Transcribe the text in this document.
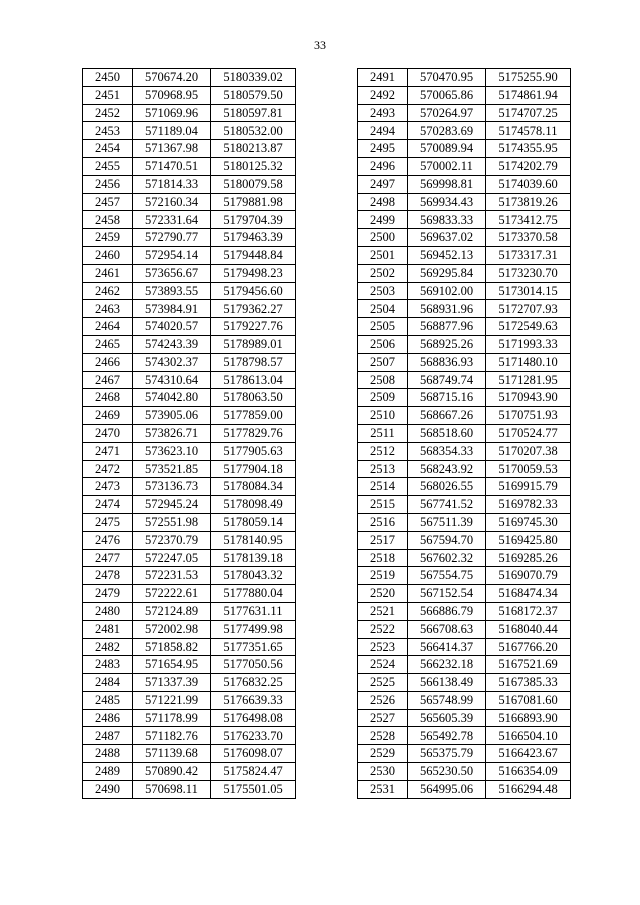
33
2450	570674.20	5180339.02
2451	570968.95	5180579.50
2452	571069.96	5180597.81
2453	571189.04	5180532.00
2454	571367.98	5180213.87
2455	571470.51	5180125.32
2456	571814.33	5180079.58
2457	572160.34	5179881.98
2458	572331.64	5179704.39
2459	572790.77	5179463.39
2460	572954.14	5179448.84
2461	573656.67	5179498.23
2462	573893.55	5179456.60
2463	573984.91	5179362.27
2464	574020.57	5179227.76
2465	574243.39	5178989.01
2466	574302.37	5178798.57
2467	574310.64	5178613.04
2468	574042.80	5178063.50
2469	573905.06	5177859.00
2470	573826.71	5177829.76
2471	573623.10	5177905.63
2472	573521.85	5177904.18
2473	573136.73	5178084.34
2474	572945.24	5178098.49
2475	572551.98	5178059.14
2476	572370.79	5178140.95
2477	572247.05	5178139.18
2478	572231.53	5178043.32
2479	572222.61	5177880.04
2480	572124.89	5177631.11
2481	572002.98	5177499.98
2482	571858.82	5177351.65
2483	571654.95	5177050.56
2484	571337.39	5176832.25
2485	571221.99	5176639.33
2486	571178.99	5176498.08
2487	571182.76	5176233.70
2488	571139.68	5176098.07
2489	570890.42	5175824.47
2490	570698.11	5175501.05
2491	570470.95	5175255.90
2492	570065.86	5174861.94
2493	570264.97	5174707.25
2494	570283.69	5174578.11
2495	570089.94	5174355.95
2496	570002.11	5174202.79
2497	569998.81	5174039.60
2498	569934.43	5173819.26
2499	569833.33	5173412.75
2500	569637.02	5173370.58
2501	569452.13	5173317.31
2502	569295.84	5173230.70
2503	569102.00	5173014.15
2504	568931.96	5172707.93
2505	568877.96	5172549.63
2506	568925.26	5171993.33
2507	568836.93	5171480.10
2508	568749.74	5171281.95
2509	568715.16	5170943.90
2510	568667.26	5170751.93
2511	568518.60	5170524.77
2512	568354.33	5170207.38
2513	568243.92	5170059.53
2514	568026.55	5169915.79
2515	567741.52	5169782.33
2516	567511.39	5169745.30
2517	567594.70	5169425.80
2518	567602.32	5169285.26
2519	567554.75	5169070.79
2520	567152.54	5168474.34
2521	566886.79	5168172.37
2522	566708.63	5168040.44
2523	566414.37	5167766.20
2524	566232.18	5167521.69
2525	566138.49	5167385.33
2526	565748.99	5167081.60
2527	565605.39	5166893.90
2528	565492.78	5166504.10
2529	565375.79	5166423.67
2530	565230.50	5166354.09
2531	564995.06	5166294.48
